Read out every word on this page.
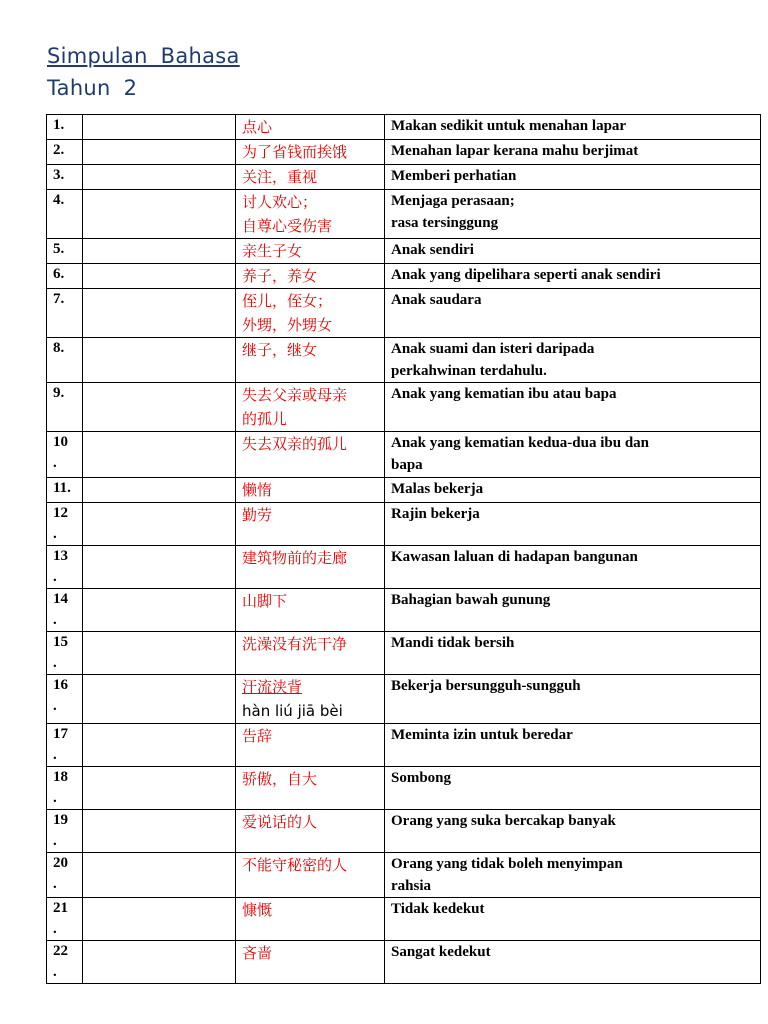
Simpulan Bahasa
Tahun 2
1.		点心	Makan sedikit untuk menahan lapar

2.		为了省钱而挨饿	Menahan lapar kerana mahu berjimat

3.		关注，重视	Memberi perhatian

4.		讨人欢心；
自尊心受伤害	Menjaga perasaan;
rasa tersinggung

5.		亲生子女	Anak sendiri

6.		养子，养女	Anak yang dipelihara seperti anak sendiri

7.		侄儿，侄女；
外甥，外甥女	Anak saudara

8.		继子，继女	Anak suami dan isteri daripada
perkahwinan terdahulu.

9.		失去父亲或母亲
的孤儿	Anak yang kematian ibu atau bapa

10
.		失去双亲的孤儿	Anak yang kematian kedua-dua ibu dan
bapa

11.		懒惰	Malas bekerja

12
.		勤劳	Rajin bekerja

13
.		建筑物前的走廊	Kawasan laluan di hadapan bangunan

14
.		山脚下	Bahagian bawah gunung

15
.		洗澡没有洗干净	Mandi tidak bersih

16
.		汗流浃背
hàn liú jiā bèi	Bekerja bersungguh-sungguh

17
.		告辞	Meminta izin untuk beredar

18
.		骄傲，自大	Sombong

19
.		爱说话的人	Orang yang suka bercakap banyak

20
.		不能守秘密的人	Orang yang tidak boleh menyimpan
rahsia

21
.		慷慨	Tidak kedekut

22
.		吝啬	Sangat kedekut
